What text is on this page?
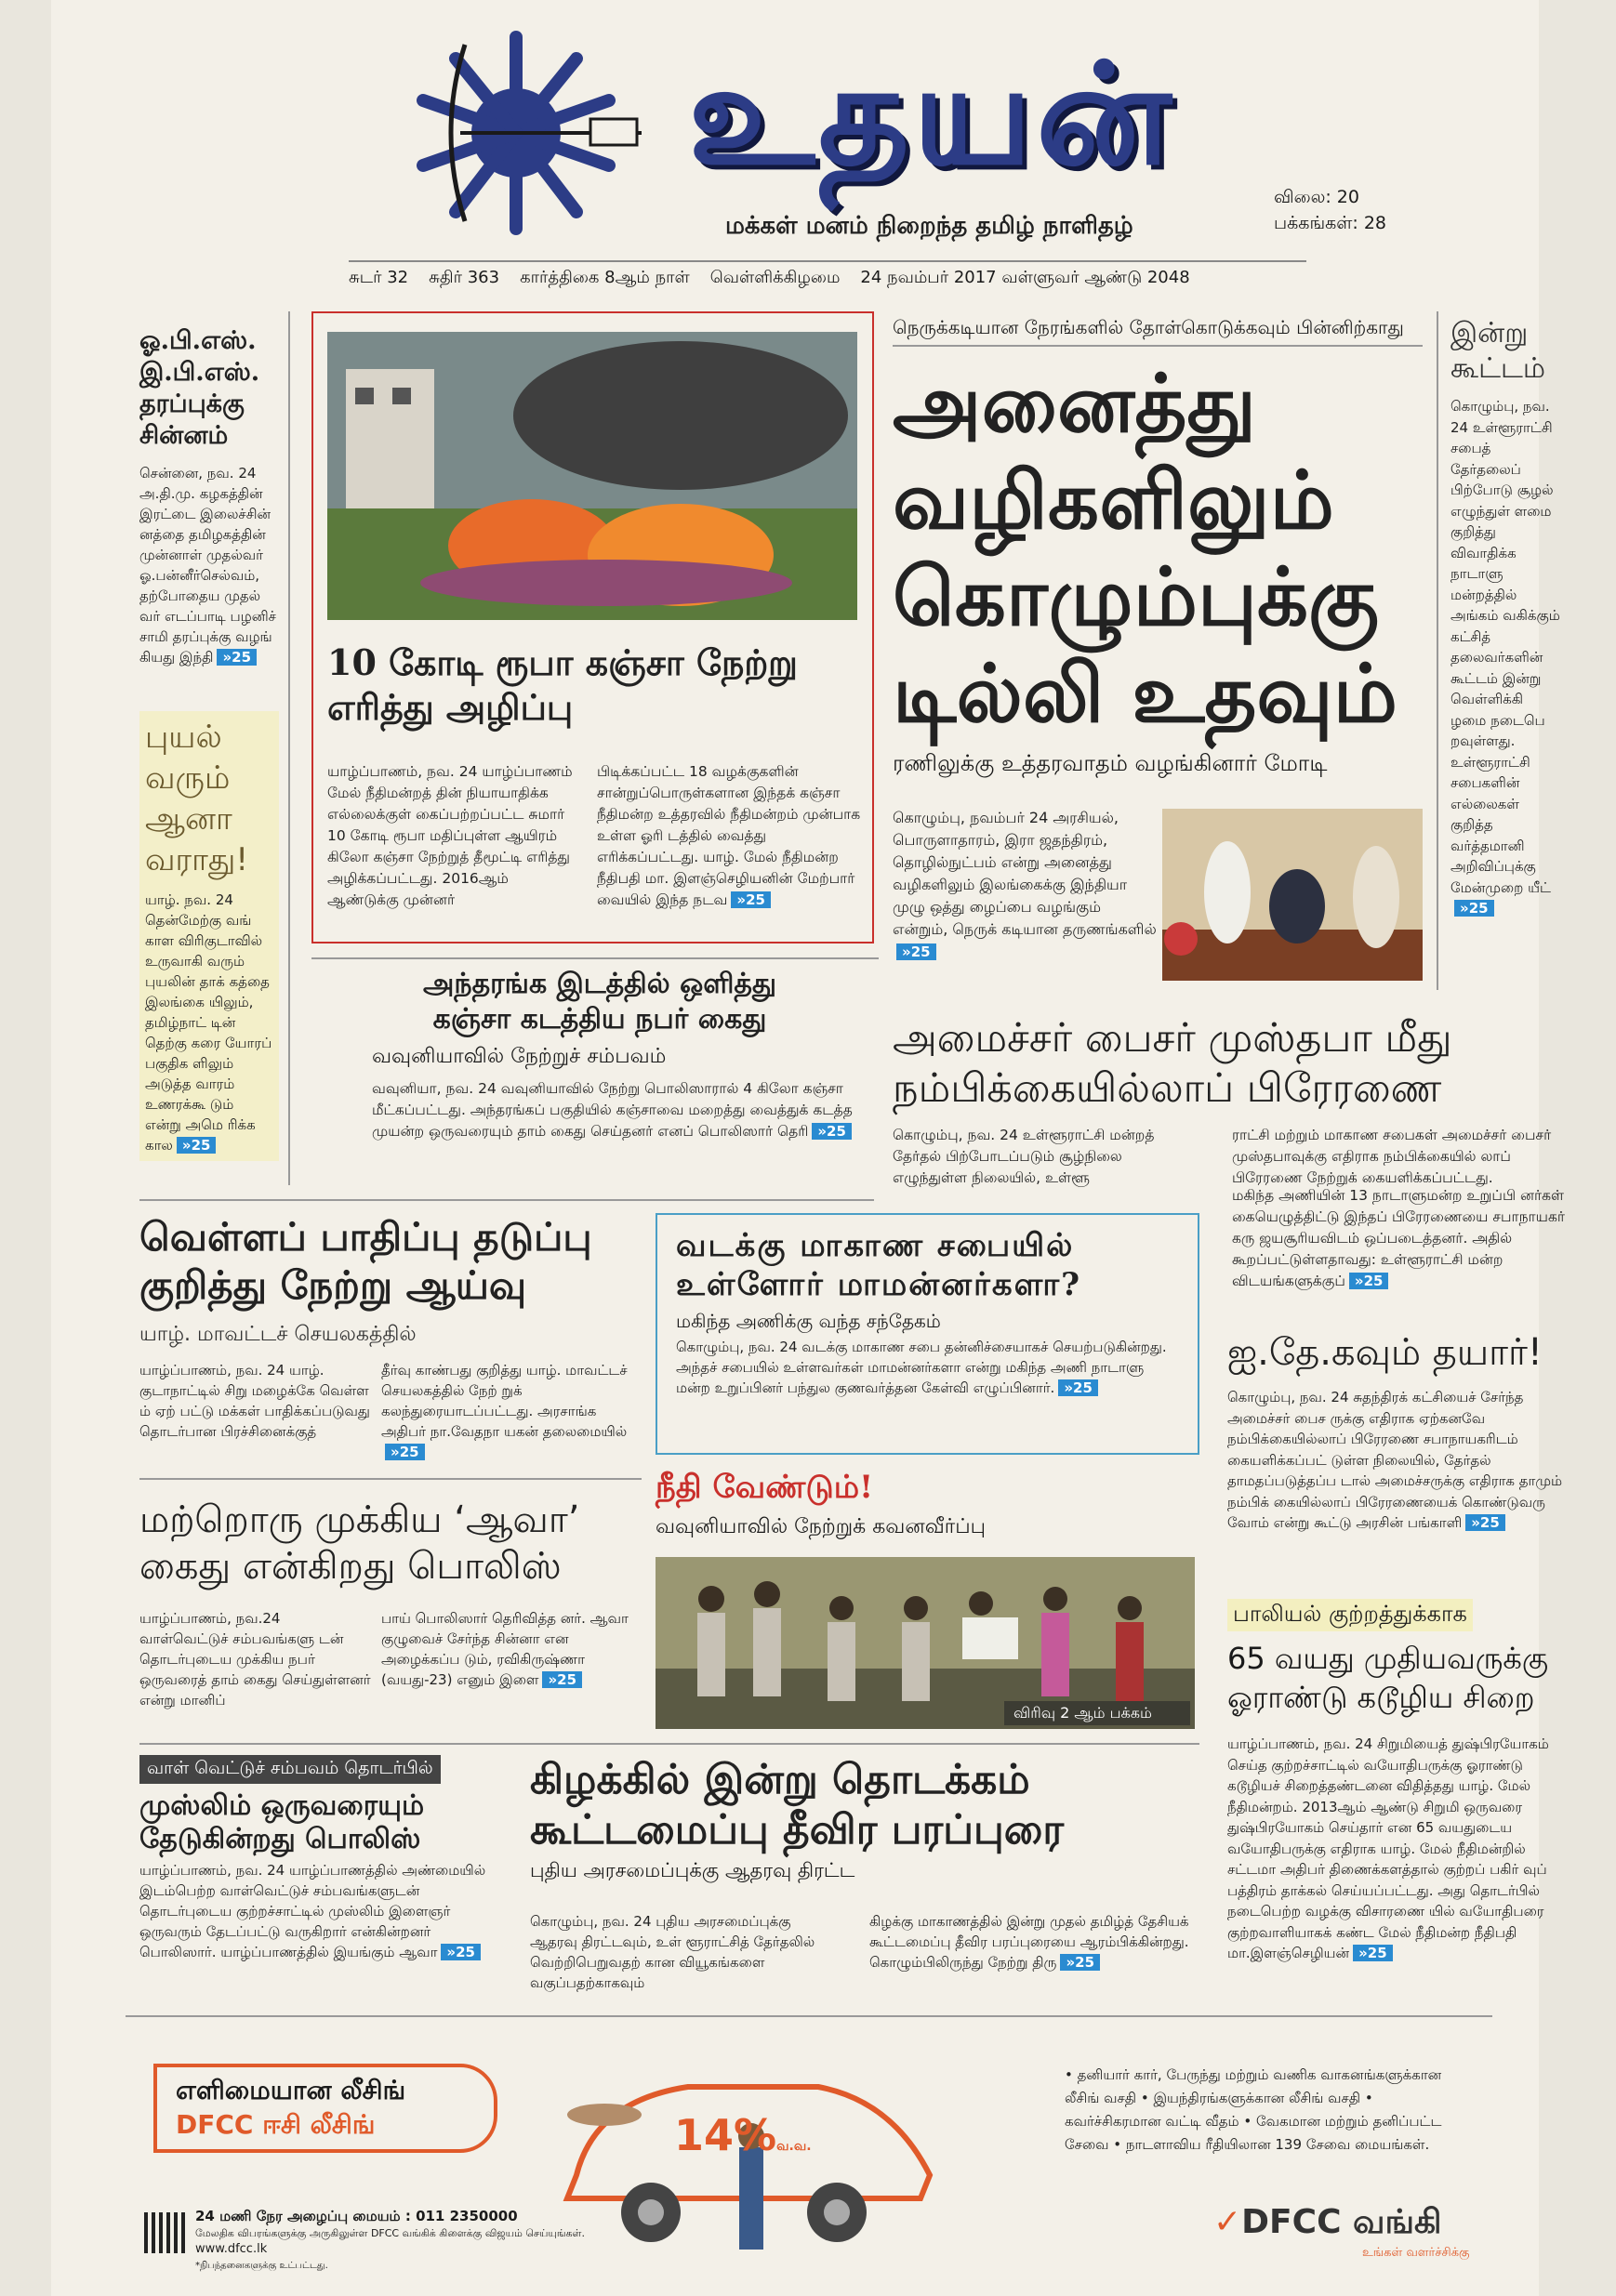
உதயன்
மக்கள் மனம் நிறைந்த தமிழ் நாளிதழ்
விலை: 20
பக்கங்கள்: 28
சுடர் 32 சுதிர் 363 கார்த்திகை 8ஆம் நாள் வெள்ளிக்கிழமை 24 நவம்பர் 2017 வள்ளுவர் ஆண்டு 2048
ஓ.பி.எஸ். இ.பி.எஸ். தரப்புக்கு சின்னம்
சென்னை, நவ. 24 அ.தி.மு. கழகத்தின் இரட்டை இலைச்சின் னத்தை தமிழகத்தின் முன்னாள் முதல்வர் ஓ.பன்னீர்செல்வம், தற்போதைய முதல் வர் எடப்பாடி பழனிச் சாமி தரப்புக்கு வழங் கியது இந்தி »25
புயல் வரும் ஆனா வராது!
யாழ். நவ. 24 தென்மேற்கு வங் காள விரிகுடாவில் உருவாகி வரும் புயலின் தாக் கத்தை இலங்கை யிலும், தமிழ்நாட் டின் தெற்கு கரை யோரப் பகுதிக ளிலும் அடுத்த வாரம் உணரக்கூ டும் என்று அமெ ரிக்க கால »25
10 கோடி ரூபா கஞ்சா நேற்று எரித்து அழிப்பு
யாழ்ப்பாணம், நவ. 24 யாழ்ப்பாணம் மேல் நீதிமன்றத் தின் நியாயாதிக்க எல்லைக்குள் கைப்பற்றப்பட்ட சுமார் 10 கோடி ரூபா மதிப்புள்ள ஆயிரம் கிலோ கஞ்சா நேற்றுத் தீமூட்டி எரித்து அழிக்கப்பட்டது. 2016ஆம் ஆண்டுக்கு முன்னர்
பிடிக்கப்பட்ட 18 வழக்குகளின் சான்றுப்பொருள்களான இந்தக் கஞ்சா நீதிமன்ற உத்தரவில் நீதிமன்றம் முன்பாக உள்ள ஓரி டத்தில் வைத்து எரிக்கப்பட்டது. யாழ். மேல் நீதிமன்ற நீதிபதி மா. இளஞ்செழியனின் மேற்பார் வையில் இந்த நடவ »25
நெருக்கடியான நேரங்களில் தோள்கொடுக்கவும் பின்னிற்காது
அனைத்து
வழிகளிலும்
கொழும்புக்கு
டில்லி உதவும்
ரணிலுக்கு உத்தரவாதம் வழங்கினார் மோடி
கொழும்பு, நவம்பர் 24 அரசியல், பொருளாதாரம், இரா ஜதந்திரம், தொழில்நுட்பம் என்று அனைத்து வழிகளிலும் இலங்கைக்கு இந்தியா முழு ஒத்து ழைப்பை வழங்கும் என்றும், நெருக் கடியான தருணங்களில்»25
இன்று கூட்டம்
கொழும்பு, நவ. 24 உள்ளூராட்சி சபைத் தேர்தலைப் பிற்போடு சூழல் எழுந்துள் ளமை குறித்து விவாதிக்க நாடாளு மன்றத்தில் அங்கம் வகிக்கும் கட்சித் தலைவர்களின் கூட்டம் இன்று வெள்ளிக்கி ழமை நடைபெ றவுள்ளது. உள்ளூராட்சி சபைகளின் எல்லைகள் குறித்த வர்த்தமானி அறிவிப்புக்கு மேன்முறை யீட்»25
அந்தரங்க இடத்தில் ஒளித்து
கஞ்சா கடத்திய நபர் கைது
வவுனியாவில் நேற்றுச் சம்பவம்
வவுனியா, நவ. 24 வவுனியாவில் நேற்று பொலிஸாரால் 4 கிலோ கஞ்சா மீட்கப்பட்டது. அந்தரங்கப் பகுதியில் கஞ்சாவை மறைத்து வைத்துக் கடத்த முயன்ற ஒருவரையும் தாம் கைது செய்தனர் எனப் பொலிஸார் தெரி »25
அமைச்சர் பைசர் முஸ்தபா மீது
நம்பிக்கையில்லாப் பிரேரணை
கொழும்பு, நவ. 24 உள்ளூராட்சி மன்றத் தேர்தல் பிற்போடப்படும் சூழ்நிலை எழுந்துள்ள நிலையில், உள்ளூ
ராட்சி மற்றும் மாகாண சபைகள் அமைச்சர் பைசர் முஸ்தபாவுக்கு எதிராக நம்பிக்கையில் லாப் பிரேரணை நேற்றுக் கையளிக்கப்பட்டது.
மகிந்த அணியின் 13 நாடாளுமன்ற உறுப்பி னர்கள் கையெழுத்திட்டு இந்தப் பிரேரணையை சபாநாயகர் கரு ஜயசூரியவிடம் ஒப்படைத்தனர். அதில் கூறப்பட்டுள்ளதாவது: உள்ளூராட்சி மன்ற விடயங்களுக்குப் »25
வெள்ளப் பாதிப்பு தடுப்பு
குறித்து நேற்று ஆய்வு
யாழ். மாவட்டச் செயலகத்தில்
யாழ்ப்பாணம், நவ. 24 யாழ். குடாநாட்டில் சிறு மழைக்கே வெள்ள ம் ஏற் பட்டு மக்கள் பாதிக்கப்படுவது தொடர்பான பிரச்சினைக்குத்
தீர்வு காண்பது குறித்து யாழ். மாவட்டச் செயலகத்தில் நேற் றுக் கலந்துரையாடப்பட்டது. அரசாங்க அதிபர் நா.வேதநா யகன் தலைமையில்»25
வடக்கு மாகாண சபையில்
உள்ளோர் மாமன்னர்களா?
மகிந்த அணிக்கு வந்த சந்தேகம்
கொழும்பு, நவ. 24 வடக்கு மாகாண சபை தன்னிச்சையாகச் செயற்படுகின்றது. அந்தச் சபையில் உள்ளவர்கள் மாமன்னர்களா என்று மகிந்த அணி நாடாளு மன்ற உறுப்பினர் பந்துல குணவர்த்தன கேள்வி எழுப்பினார். »25
ஐ.தே.கவும் தயார்!
கொழும்பு, நவ. 24 சுதந்திரக் கட்சியைச் சேர்ந்த அமைச்சர் பைச ருக்கு எதிராக ஏற்கனவே நம்பிக்கையில்லாப் பிரேரணை சபாநாயகரிடம் கையளிக்கப்பட் டுள்ள நிலையில், தேர்தல் தாமதப்படுத்தப்ப டால் அமைச்சருக்கு எதிராக தாமும் நம்பிக் கையில்லாப் பிரேரணையைக் கொண்டுவரு வோம் என்று கூட்டு அரசின் பங்காளி »25
மற்றொரு முக்கிய ‘ஆவா’
கைது என்கிறது பொலிஸ்
யாழ்ப்பாணம், நவ.24 வாள்வெட்டுச் சம்பவங்களு டன் தொடர்புடைய முக்கிய நபர் ஒருவரைத் தாம் கைது செய்துள்ளனர் என்று மானிப்
பாய் பொலிஸார் தெரிவித்த னர். ஆவா குழுவைச் சேர்ந்த சின்னா என அழைக்கப்ப டும், ரவிகிருஷ்ணா (வயது-23) எனும் இளை »25
நீதி வேண்டும்!
வவுனியாவில் நேற்றுக் கவனவீர்ப்பு
விரிவு 2 ஆம் பக்கம்
பாலியல் குற்றத்துக்காக
65 வயது முதியவருக்கு
ஓராண்டு கடூழிய சிறை
யாழ்ப்பாணம், நவ. 24 சிறுமியைத் துஷ்பிரயோகம் செய்த குற்றச்சாட்டில் வயோதிபருக்கு ஓராண்டு கடூழியச் சிறைத்தண்டனை விதித்தது யாழ். மேல் நீதிமன்றம். 2013ஆம் ஆண்டு சிறுமி ஒருவரை துஷ்பிரயோகம் செய்தார் என 65 வயதுடைய வயோதிபருக்கு எதிராக யாழ். மேல் நீதிமன்றில் சட்டமா அதிபர் திணைக்களத்தால் குற்றப் பகிர் வுப் பத்திரம் தாக்கல் செய்யப்பட்டது. அது தொடர்பில் நடைபெற்ற வழக்கு விசாரணை யில் வயோதிபரை குற்றவாளியாகக் கண்ட மேல் நீதிமன்ற நீதிபதி மா.இளஞ்செழியன் »25
வாள் வெட்டுச் சம்பவம் தொடர்பில்
முஸ்லிம் ஒருவரையும்
தேடுகின்றது பொலிஸ்
யாழ்ப்பாணம், நவ. 24 யாழ்ப்பாணத்தில் அண்மையில் இடம்பெற்ற வாள்வெட்டுச் சம்பவங்களுடன் தொடர்புடைய குற்றச்சாட்டில் முஸ்லிம் இளைஞர் ஒருவரும் தேடப்பட்டு வருகிறார் என்கின்றனர் பொலிஸார். யாழ்ப்பாணத்தில் இயங்கும் ஆவா »25
கிழக்கில் இன்று தொடக்கம்
கூட்டமைப்பு தீவிர பரப்புரை
புதிய அரசமைப்புக்கு ஆதரவு திரட்ட
கொழும்பு, நவ. 24 புதிய அரசமைப்புக்கு ஆதரவு திரட்டவும், உள் ளூராட்சித் தேர்தலில் வெற்றிபெறுவதற் கான வியூகங்களை வகுப்பதற்காகவும்
கிழக்கு மாகாணத்தில் இன்று முதல் தமிழ்த் தேசியக் கூட்டமைப்பு தீவிர பரப்புரையை ஆரம்பிக்கின்றது. கொழும்பிலிருந்து நேற்று திரு »25
எளிமையான லீசிங்
DFCC ஈசி லீசிங்	14%வ.வ.
• தனியார் கார், பேருந்து மற்றும் வணிக வாகனங்களுக்கான லீசிங் வசதி • இயந்திரங்களுக்கான லீசிங் வசதி • கவர்ச்சிகரமான வட்டி வீதம் • வேகமான மற்றும் தனிப்பட்ட சேவை • நாடளாவிய ரீதியிலான 139 சேவை மையங்கள்.
24 மணி நேர அழைப்பு மையம் : 011 2350000
மேலதிக விபரங்களுக்கு அருகிலுள்ள DFCC வங்கிக் கிளைக்கு விஜயம் செய்யுங்கள்.
www.dfcc.lk
*நிபந்தனைகளுக்கு உட்பட்டது.
✓DFCC வங்கி
உங்கள் வளர்ச்சிக்கு
